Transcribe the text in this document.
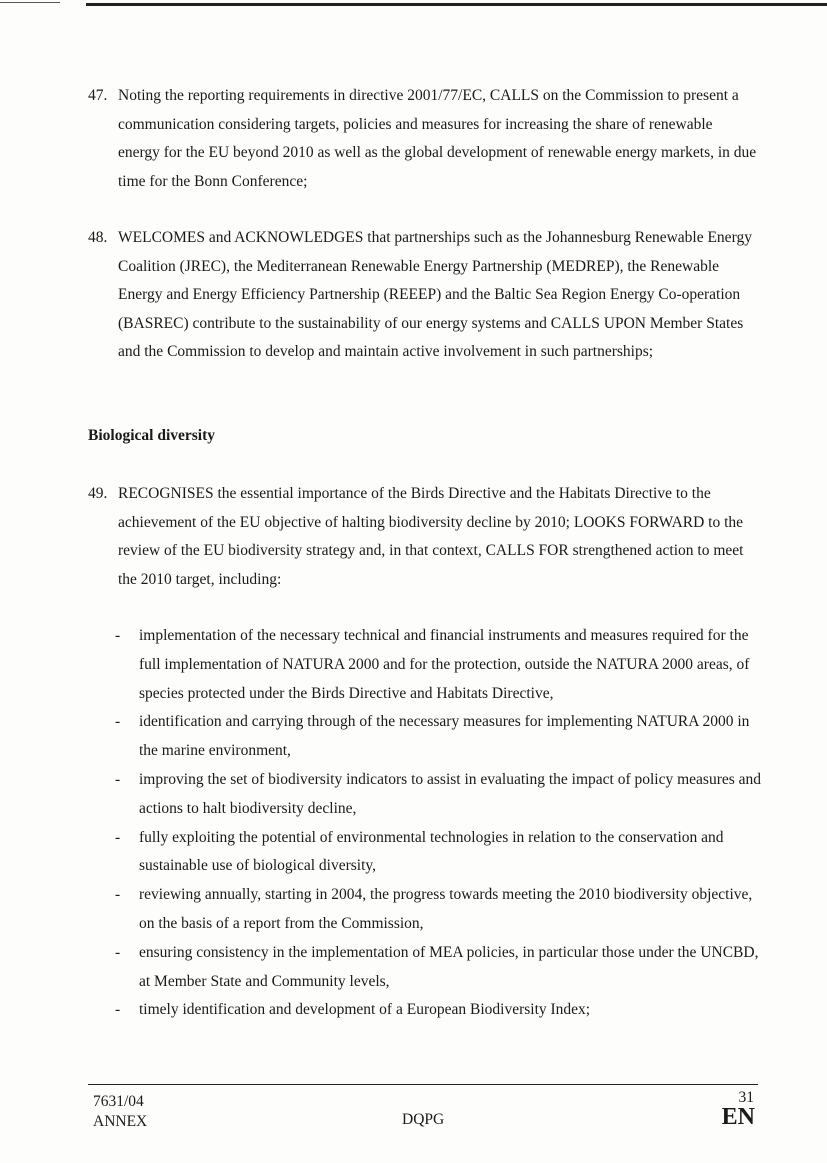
47. Noting the reporting requirements in directive 2001/77/EC, CALLS on the Commission to present a communication considering targets, policies and measures for increasing the share of renewable energy for the EU beyond 2010 as well as the global development of renewable energy markets, in due time for the Bonn Conference;
48. WELCOMES and ACKNOWLEDGES that partnerships such as the Johannesburg Renewable Energy Coalition (JREC), the Mediterranean Renewable Energy Partnership (MEDREP), the Renewable Energy and Energy Efficiency Partnership (REEEP) and the Baltic Sea Region Energy Co-operation (BASREC) contribute to the sustainability of our energy systems and CALLS UPON Member States and the Commission to develop and maintain active involvement in such partnerships;
Biological diversity
49. RECOGNISES the essential importance of the Birds Directive and the Habitats Directive to the achievement of the EU objective of halting biodiversity decline by 2010; LOOKS FORWARD to the review of the EU biodiversity strategy and, in that context, CALLS FOR strengthened action to meet the 2010 target, including:
- implementation of the necessary technical and financial instruments and measures required for the full implementation of NATURA 2000 and for the protection, outside the NATURA 2000 areas, of species protected under the Birds Directive and Habitats Directive,
- identification and carrying through of the necessary measures for implementing NATURA 2000 in the marine environment,
- improving the set of biodiversity indicators to assist in evaluating the impact of policy measures and actions to halt biodiversity decline,
- fully exploiting the potential of environmental technologies in relation to the conservation and sustainable use of biological diversity,
- reviewing annually, starting in 2004, the progress towards meeting the 2010 biodiversity objective, on the basis of a report from the Commission,
- ensuring consistency in the implementation of MEA policies, in particular those under the UNCBD, at Member State and Community levels,
- timely identification and development of a European Biodiversity Index;
7631/04
ANNEX	DQPG
31
EN
